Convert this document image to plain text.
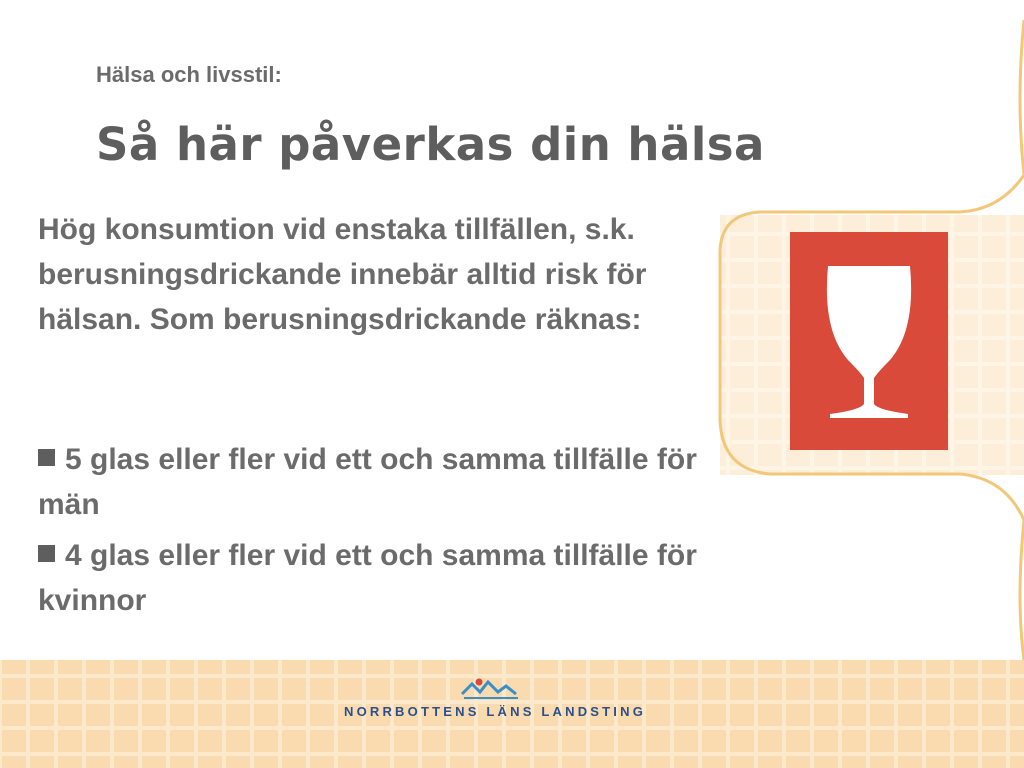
Hälsa och livsstil:
Så här påverkas din hälsa
Hög konsumtion vid enstaka tillfällen, s.k. berusningsdrickande innebär alltid risk för hälsan. Som berusningsdrickande räknas:
5 glas eller fler vid ett och samma tillfälle för män
4 glas eller fler vid ett och samma tillfälle för kvinnor
NORRBOTTENS LÄNS LANDSTING
